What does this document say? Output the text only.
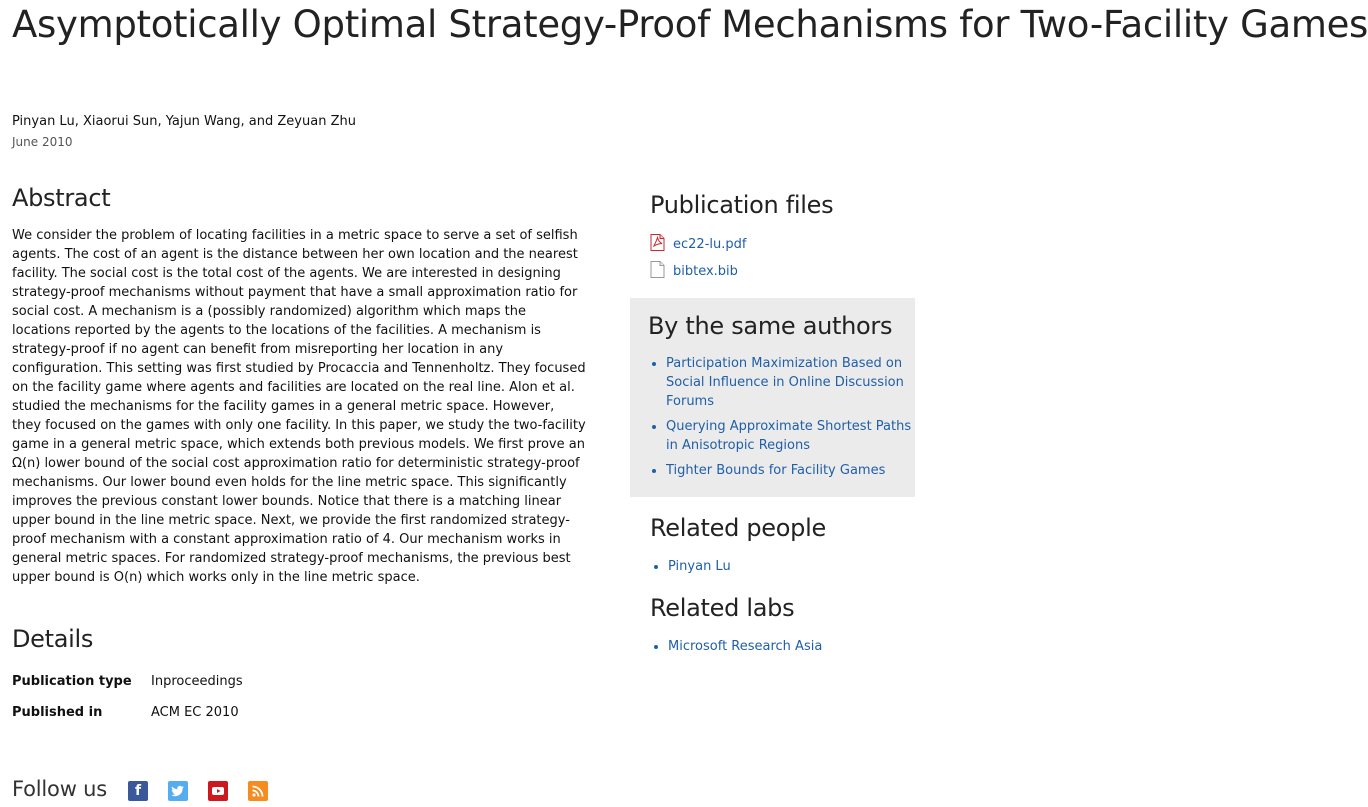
Asymptotically Optimal Strategy-Proof Mechanisms for Two-Facility Games
Pinyan Lu, Xiaorui Sun, Yajun Wang, and Zeyuan Zhu
June 2010
Abstract

We consider the problem of locating facilities in a metric space to serve a set of selfish agents. The cost of an agent is the distance between her own location and the nearest facility. The social cost is the total cost of the agents. We are interested in designing strategy-proof mechanisms without payment that have a small approximation ratio for social cost. A mechanism is a (possibly randomized) algorithm which maps the locations reported by the agents to the locations of the facilities. A mechanism is strategy-proof if no agent can benefit from misreporting her location in any configuration. This setting was first studied by Procaccia and Tennenholtz. They focused on the facility game where agents and facilities are located on the real line. Alon et al. studied the mechanisms for the facility games in a general metric space. However, they focused on the games with only one facility. In this paper, we study the two-facility game in a general metric space, which extends both previous models. We first prove an Ω(n) lower bound of the social cost approximation ratio for deterministic strategy-proof mechanisms. Our lower bound even holds for the line metric space. This significantly improves the previous constant lower bounds. Notice that there is a matching linear upper bound in the line metric space. Next, we provide the first randomized strategy-proof mechanism with a constant approximation ratio of 4. Our mechanism works in general metric spaces. For randomized strategy-proof mechanisms, the previous best upper bound is O(n) which works only in the line metric space.

Details
Publication type Inproceedings
Published in	ACM EC 2010
Follow us	f
Publication files
ec22-lu.pdf
bibtex.bib
By the same authors
• Participation Maximization Based on Social Influence in Online Discussion Forums
• Querying Approximate Shortest Paths in Anisotropic Regions
• Tighter Bounds for Facility Games
Related people
• Pinyan Lu
Related labs
• Microsoft Research Asia
